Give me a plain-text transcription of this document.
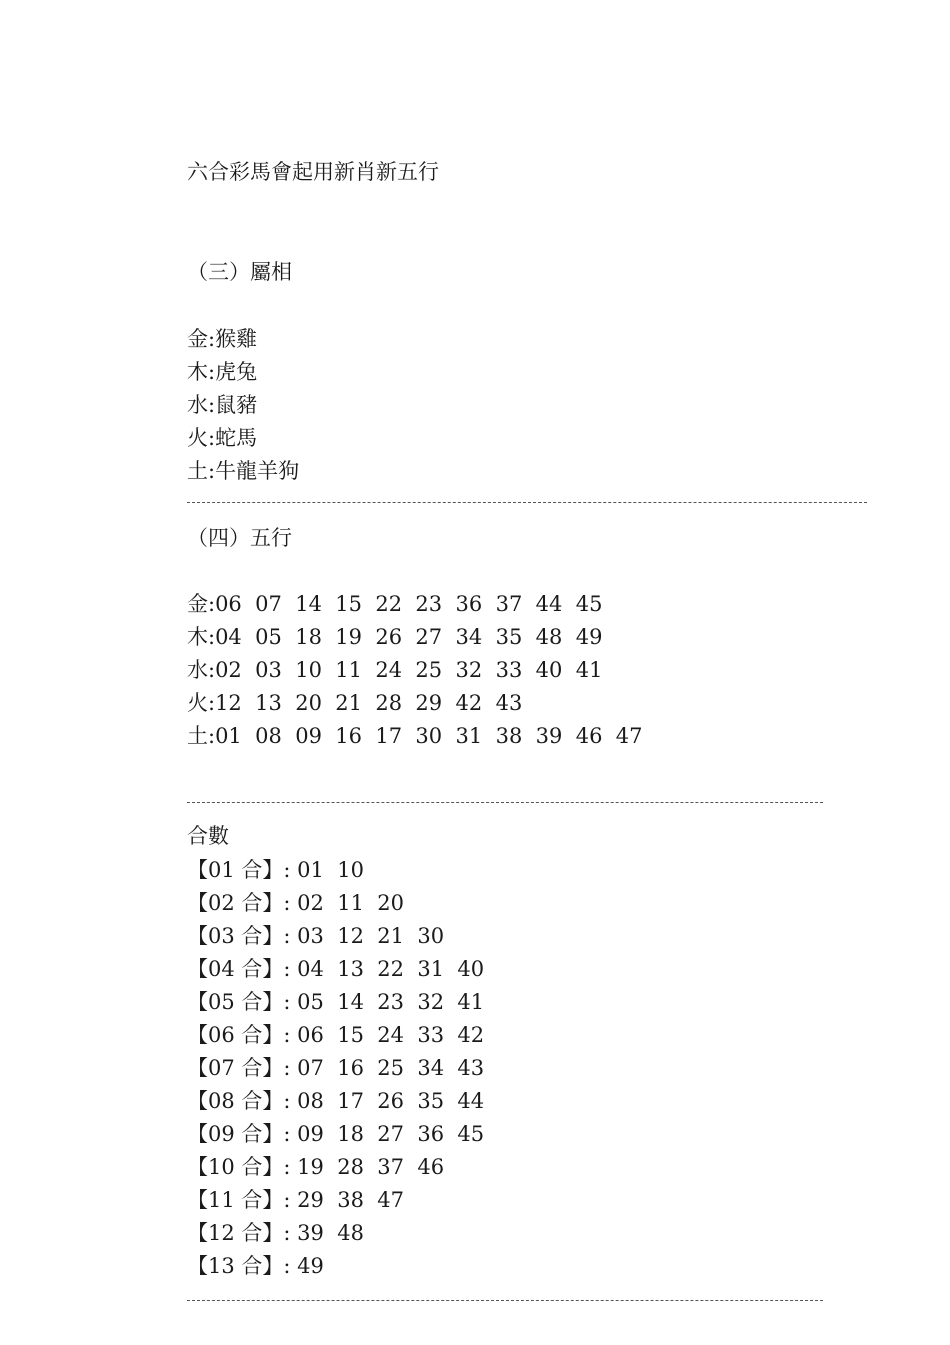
六合彩馬會起用新肖新五行
（三）屬相
金:猴雞
木:虎兔
水:鼠豬
火:蛇馬
土:牛龍羊狗
（四）五行
金:06  07  14  15  22  23  36  37  44  45
木:04  05  18  19  26  27  34  35  48  49
水:02  03  10  11  24  25  32  33  40  41
火:12  13  20  21  28  29  42  43
土:01  08  09  16  17  30  31  38  39  46  47
合數
【01 合】: 01  10
【02 合】: 02  11  20
【03 合】: 03  12  21  30
【04 合】: 04  13  22  31  40
【05 合】: 05  14  23  32  41
【06 合】: 06  15  24  33  42
【07 合】: 07  16  25  34  43
【08 合】: 08  17  26  35  44
【09 合】: 09  18  27  36  45
【10 合】: 19  28  37  46
【11 合】: 29  38  47
【12 合】: 39  48
【13 合】: 49
